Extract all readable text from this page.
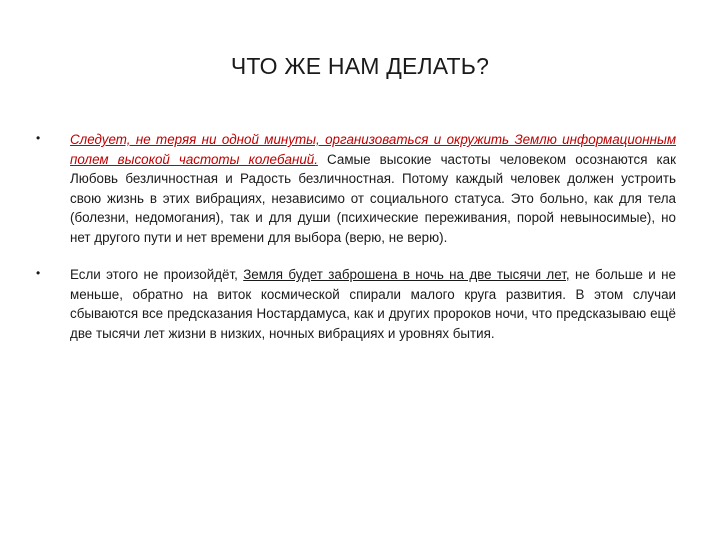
ЧТО ЖЕ НАМ ДЕЛАТЬ?
• Следует, не теряя ни одной минуты, организоваться и окружить Землю информационным полем высокой частоты колебаний. Самые высокие частоты человеком осознаются как Любовь безличностная и Радость безличностная. Потому каждый человек должен устроить свою жизнь в этих вибрациях, независимо от социального статуса. Это больно, как для тела (болезни, недомогания), так и для души (психические переживания, порой невыносимые), но нет другого пути и нет времени для выбора (верю, не верю).
• Если этого не произойдёт, Земля будет заброшена в ночь на две тысячи лет, не больше и не меньше, обратно на виток космической спирали малого круга развития. В этом случаи сбываются все предсказания Ностардамуса, как и других пророков ночи, что предсказываю ещё две тысячи лет жизни в низких, ночных вибрациях и уровнях бытия.
